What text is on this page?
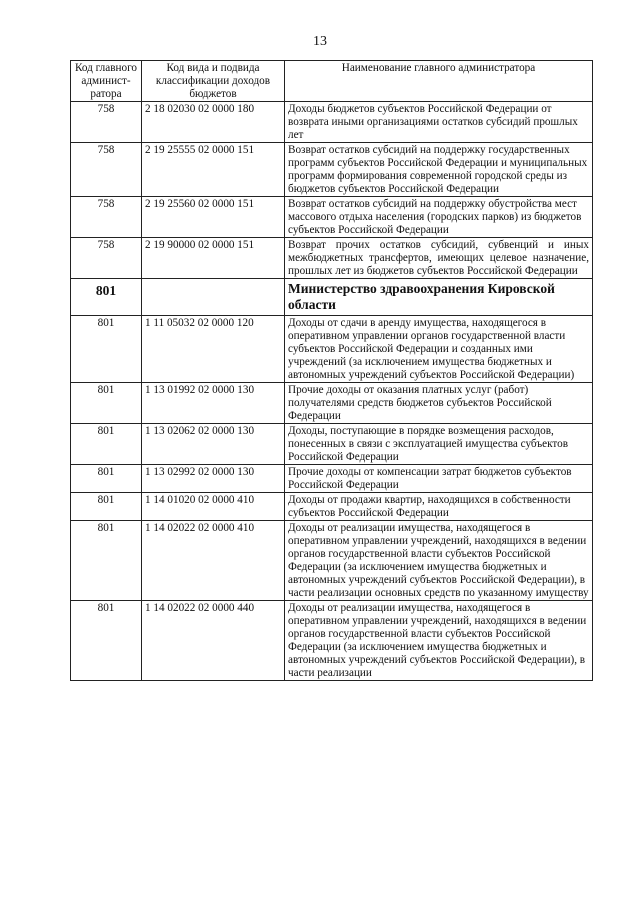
13
Код главного админист-ратора	Код вида и подвида классификации доходов бюджетов	Наименование главного администратора
758	2 18 02030 02 0000 180	Доходы бюджетов субъектов Российской Федерации от возврата иными организациями остатков субсидий прошлых лет
758	2 19 25555 02 0000 151	Возврат остатков субсидий на поддержку государственных программ субъектов Российской Федерации и муниципальных программ формирования современной городской среды из бюджетов субъектов Российской Федерации
758	2 19 25560 02 0000 151	Возврат остатков субсидий на поддержку обустройства мест массового отдыха населения (городских парков) из бюджетов субъектов Российской Федерации
758	2 19 90000 02 0000 151	Возврат прочих остатков субсидий, субвенций и иных межбюджетных трансфертов, имеющих целевое назначение, прошлых лет из бюджетов субъектов Российской Федерации
801		Министерство здравоохранения Кировской области
801	1 11 05032 02 0000 120	Доходы от сдачи в аренду имущества, находящегося в оперативном управлении органов государственной власти субъектов Российской Федерации и созданных ими учреждений (за исключением имущества бюджетных и автономных учреждений субъектов Российской Федерации)
801	1 13 01992 02 0000 130	Прочие доходы от оказания платных услуг (работ) получателями средств бюджетов субъектов Российской Федерации
801	1 13 02062 02 0000 130	Доходы, поступающие в порядке возмещения расходов, понесенных в связи с эксплуатацией имущества субъектов Российской Федерации
801	1 13 02992 02 0000 130	Прочие доходы от компенсации затрат бюджетов субъектов Российской Федерации
801	1 14 01020 02 0000 410	Доходы от продажи квартир, находящихся в собственности субъектов Российской Федерации
801	1 14 02022 02 0000 410	Доходы от реализации имущества, находящегося в оперативном управлении учреждений, находящихся в ведении органов государственной власти субъектов Российской Федерации (за исключением имущества бюджетных и автономных учреждений субъектов Российской Федерации), в части реализации основных средств по указанному имуществу
801	1 14 02022 02 0000 440	Доходы от реализации имущества, находящегося в оперативном управлении учреждений, находящихся в ведении органов государственной власти субъектов Российской Федерации (за исключением имущества бюджетных и автономных учреждений субъектов Российской Федерации), в части реализации
